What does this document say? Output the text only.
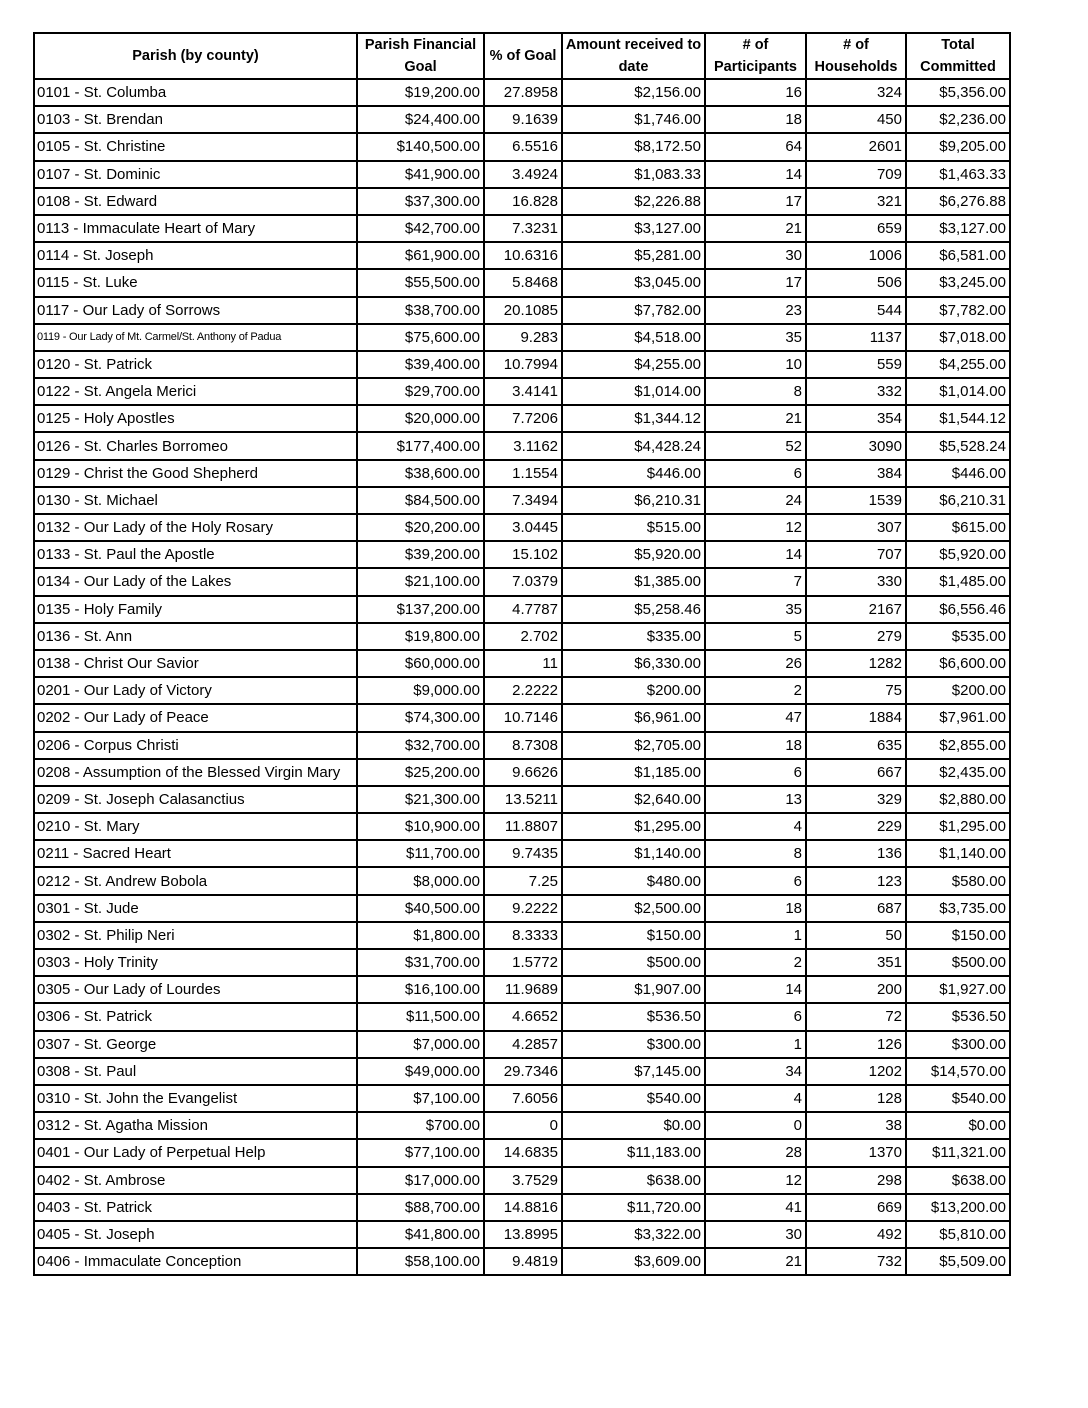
Parish (by county)	Parish Financial Goal	% of Goal	Amount received to date	# of Participants	# of Households	Total Committed
0101 - St. Columba	$19,200.00	27.8958	$2,156.00	16	324	$5,356.00
0103 - St. Brendan	$24,400.00	9.1639	$1,746.00	18	450	$2,236.00
0105 - St. Christine	$140,500.00	6.5516	$8,172.50	64	2601	$9,205.00
0107 - St. Dominic	$41,900.00	3.4924	$1,083.33	14	709	$1,463.33
0108 - St. Edward	$37,300.00	16.828	$2,226.88	17	321	$6,276.88
0113 - Immaculate Heart of Mary	$42,700.00	7.3231	$3,127.00	21	659	$3,127.00
0114 - St. Joseph	$61,900.00	10.6316	$5,281.00	30	1006	$6,581.00
0115 - St. Luke	$55,500.00	5.8468	$3,045.00	17	506	$3,245.00
0117 - Our Lady of Sorrows	$38,700.00	20.1085	$7,782.00	23	544	$7,782.00
0119 - Our Lady of Mt. Carmel/St. Anthony of Padua	$75,600.00	9.283	$4,518.00	35	1137	$7,018.00
0120 - St. Patrick	$39,400.00	10.7994	$4,255.00	10	559	$4,255.00
0122 - St. Angela Merici	$29,700.00	3.4141	$1,014.00	8	332	$1,014.00
0125 - Holy Apostles	$20,000.00	7.7206	$1,344.12	21	354	$1,544.12
0126 - St. Charles Borromeo	$177,400.00	3.1162	$4,428.24	52	3090	$5,528.24
0129 - Christ the Good Shepherd	$38,600.00	1.1554	$446.00	6	384	$446.00
0130 - St. Michael	$84,500.00	7.3494	$6,210.31	24	1539	$6,210.31
0132 - Our Lady of the Holy Rosary	$20,200.00	3.0445	$515.00	12	307	$615.00
0133 - St. Paul the Apostle	$39,200.00	15.102	$5,920.00	14	707	$5,920.00
0134 - Our Lady of the Lakes	$21,100.00	7.0379	$1,385.00	7	330	$1,485.00
0135 - Holy Family	$137,200.00	4.7787	$5,258.46	35	2167	$6,556.46
0136 - St. Ann	$19,800.00	2.702	$335.00	5	279	$535.00
0138 - Christ Our Savior	$60,000.00	11	$6,330.00	26	1282	$6,600.00
0201 - Our Lady of Victory	$9,000.00	2.2222	$200.00	2	75	$200.00
0202 - Our Lady of Peace	$74,300.00	10.7146	$6,961.00	47	1884	$7,961.00
0206 - Corpus Christi	$32,700.00	8.7308	$2,705.00	18	635	$2,855.00
0208 - Assumption of the Blessed Virgin Mary	$25,200.00	9.6626	$1,185.00	6	667	$2,435.00
0209 - St. Joseph Calasanctius	$21,300.00	13.5211	$2,640.00	13	329	$2,880.00
0210 - St. Mary	$10,900.00	11.8807	$1,295.00	4	229	$1,295.00
0211 - Sacred Heart	$11,700.00	9.7435	$1,140.00	8	136	$1,140.00
0212 - St. Andrew Bobola	$8,000.00	7.25	$480.00	6	123	$580.00
0301 - St. Jude	$40,500.00	9.2222	$2,500.00	18	687	$3,735.00
0302 - St. Philip Neri	$1,800.00	8.3333	$150.00	1	50	$150.00
0303 - Holy Trinity	$31,700.00	1.5772	$500.00	2	351	$500.00
0305 - Our Lady of Lourdes	$16,100.00	11.9689	$1,907.00	14	200	$1,927.00
0306 - St. Patrick	$11,500.00	4.6652	$536.50	6	72	$536.50
0307 - St. George	$7,000.00	4.2857	$300.00	1	126	$300.00
0308 - St. Paul	$49,000.00	29.7346	$7,145.00	34	1202	$14,570.00
0310 - St. John the Evangelist	$7,100.00	7.6056	$540.00	4	128	$540.00
0312 - St. Agatha Mission	$700.00	0	$0.00	0	38	$0.00
0401 - Our Lady of Perpetual Help	$77,100.00	14.6835	$11,183.00	28	1370	$11,321.00
0402 - St. Ambrose	$17,000.00	3.7529	$638.00	12	298	$638.00
0403 - St. Patrick	$88,700.00	14.8816	$11,720.00	41	669	$13,200.00
0405 - St. Joseph	$41,800.00	13.8995	$3,322.00	30	492	$5,810.00
0406 - Immaculate Conception	$58,100.00	9.4819	$3,609.00	21	732	$5,509.00
